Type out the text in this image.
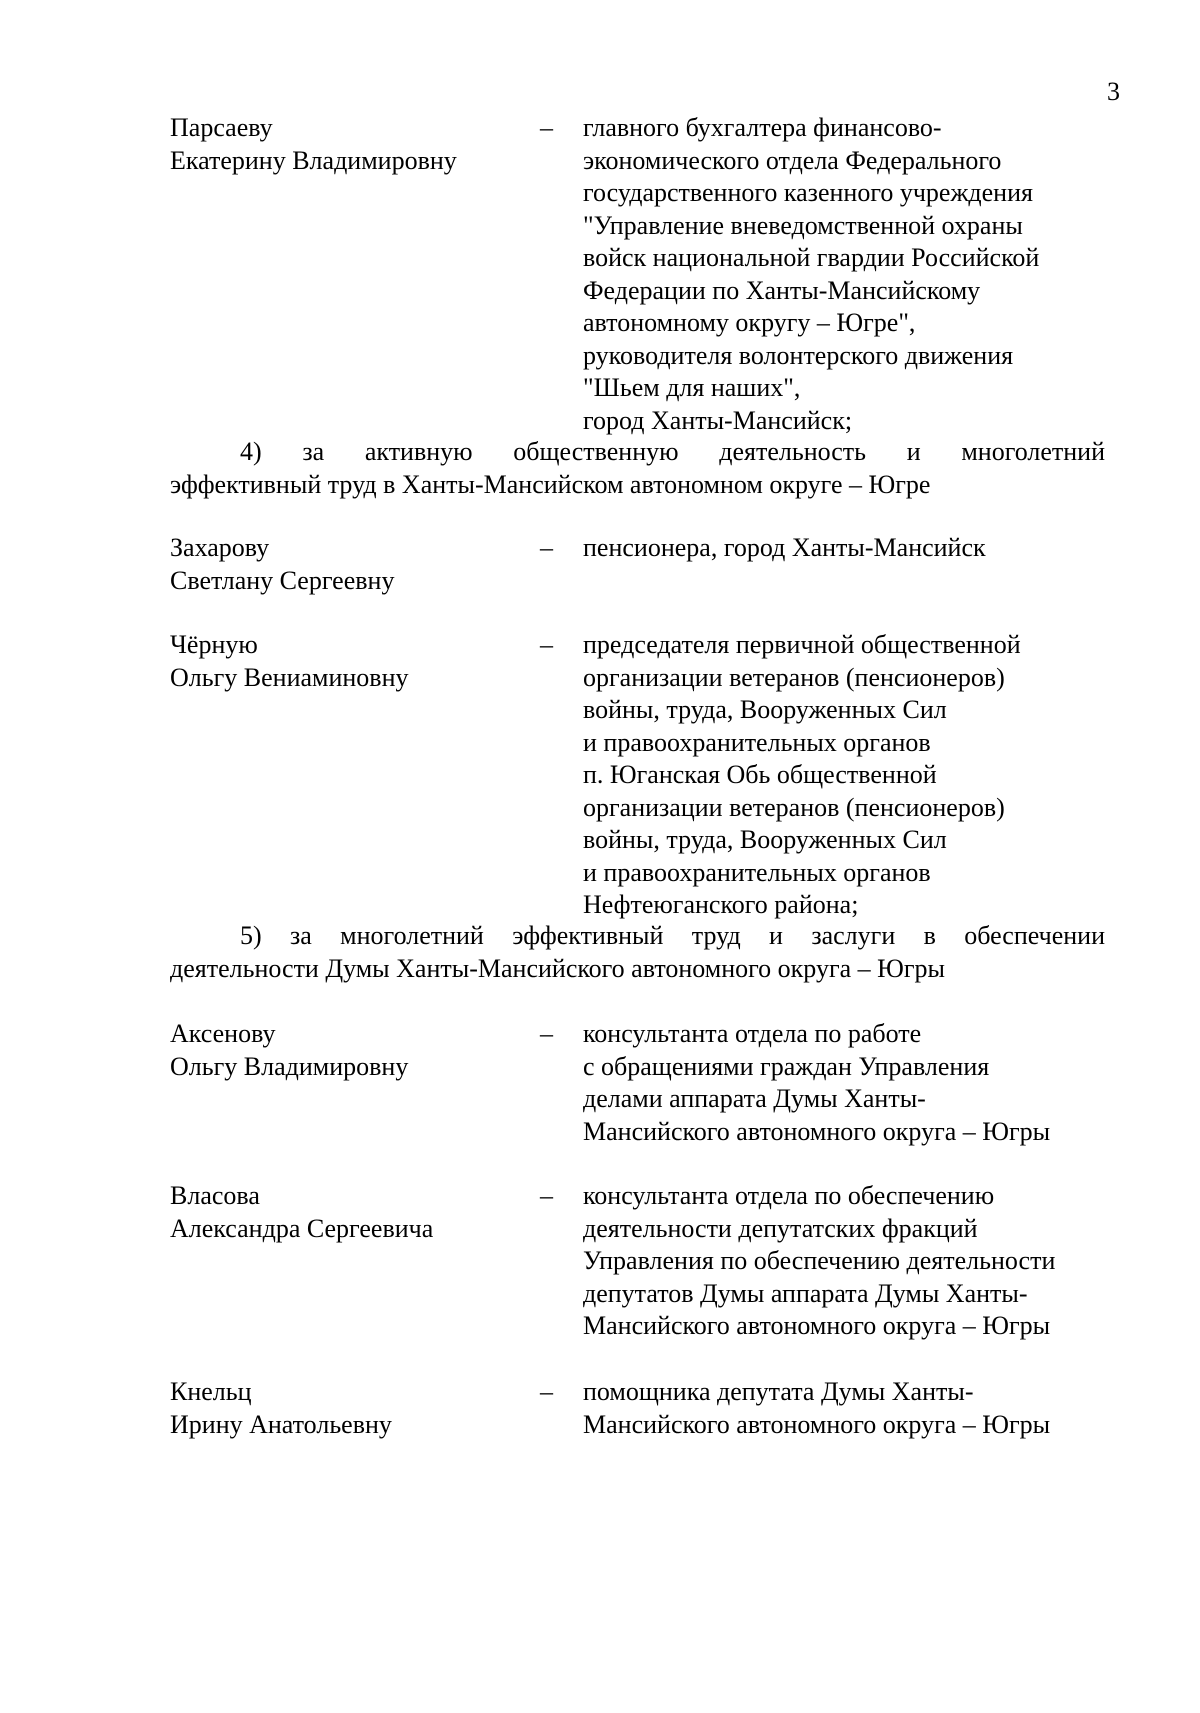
3
Парсаеву
Екатерину Владимировну
– главного бухгалтера финансово-
экономического отдела Федерального
государственного казенного учреждения
"Управление вневедомственной охраны
войск национальной гвардии Российской
Федерации по Ханты-Мансийскому
автономному округу – Югре",
руководителя волонтерского движения
"Шьем для наших",
город Ханты-Мансийск;
4) за активную общественную деятельность и многолетний
эффективный труд в Ханты-Мансийском автономном округе – Югре
Захарову
Светлану Сергеевну
– пенсионера, город Ханты-Мансийск
Чёрную
Ольгу Вениаминовну
– председателя первичной общественной
организации ветеранов (пенсионеров)
войны, труда, Вооруженных Сил
и правоохранительных органов
п. Юганская Обь общественной
организации ветеранов (пенсионеров)
войны, труда, Вооруженных Сил
и правоохранительных органов
Нефтеюганского района;
5) за многолетний эффективный труд и заслуги в обеспечении
деятельности Думы Ханты-Мансийского автономного округа – Югры
Аксенову
Ольгу Владимировну
– консультанта отдела по работе
с обращениями граждан Управления
делами аппарата Думы Ханты-
Мансийского автономного округа – Югры
Власова
Александра Сергеевича
– консультанта отдела по обеспечению
деятельности депутатских фракций
Управления по обеспечению деятельности
депутатов Думы аппарата Думы Ханты-
Мансийского автономного округа – Югры
Кнельц
Ирину Анатольевну
– помощника депутата Думы Ханты-
Мансийского автономного округа – Югры
